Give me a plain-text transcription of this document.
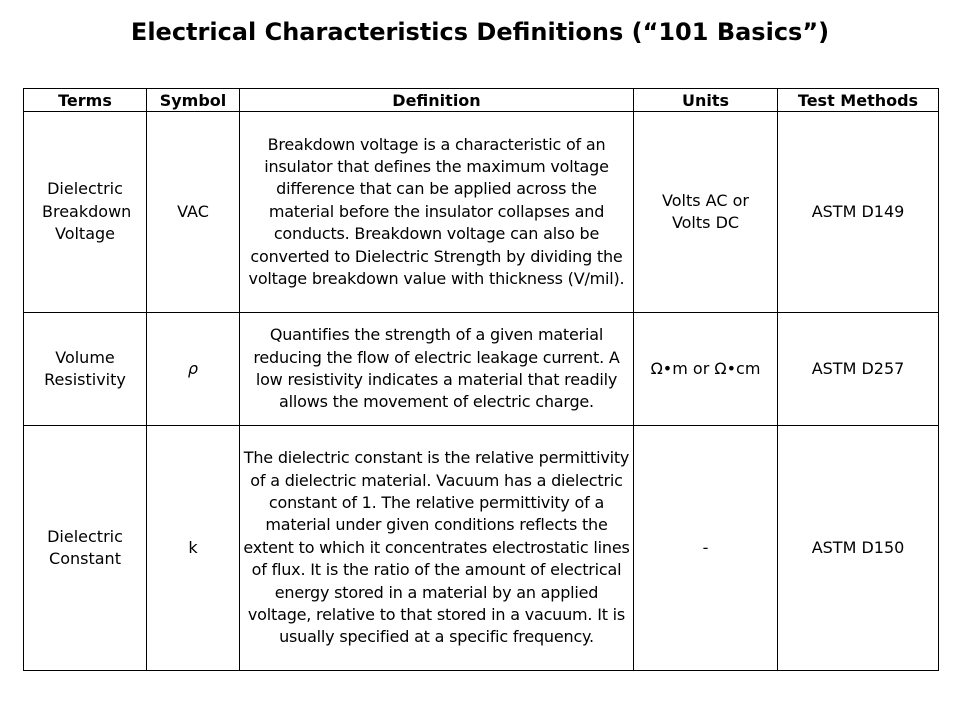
Electrical Characteristics Definitions (“101 Basics”)
Terms	Symbol	Definition	Units	Test Methods
Dielectric Breakdown Voltage	VAC	Breakdown voltage is a characteristic of an insulator that defines the maximum voltage difference that can be applied across the material before the insulator collapses and conducts. Breakdown voltage can also be converted to Dielectric Strength by dividing the voltage breakdown value with thickness (V/mil).	Volts AC or Volts DC	ASTM D149
Volume Resistivity	ρ	Quantifies the strength of a given material reducing the flow of electric leakage current. A low resistivity indicates a material that readily allows the movement of electric charge.	Ω•m or Ω•cm	ASTM D257
Dielectric Constant	k	The dielectric constant is the relative permittivity of a dielectric material. Vacuum has a dielectric constant of 1. The relative permittivity of a material under given conditions reflects the extent to which it concentrates electrostatic lines of flux. It is the ratio of the amount of electrical energy stored in a material by an applied voltage, relative to that stored in a vacuum. It is usually specified at a specific frequency.	-	ASTM D150
